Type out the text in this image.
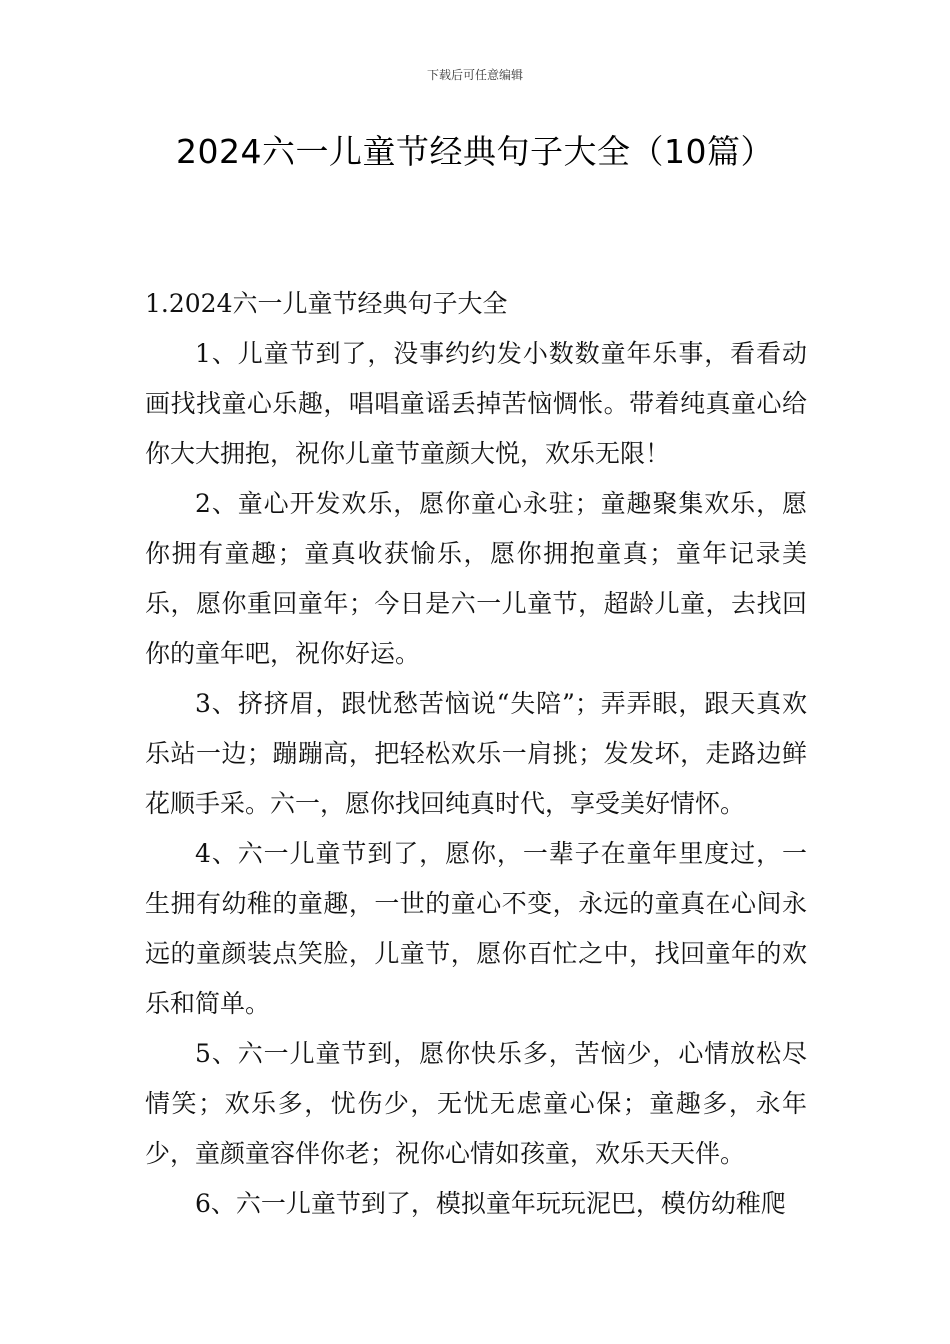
下载后可任意编辑
2024六一儿童节经典句子大全（10篇）

1.2024六一儿童节经典句子大全

1、儿童节到了，没事约约发小数数童年乐事，看看动画找找童心乐趣，唱唱童谣丢掉苦恼惆怅。带着纯真童心给你大大拥抱，祝你儿童节童颜大悦，欢乐无限！

2、童心开发欢乐，愿你童心永驻；童趣聚集欢乐，愿你拥有童趣；童真收获愉乐，愿你拥抱童真；童年记录美乐，愿你重回童年；今日是六一儿童节，超龄儿童，去找回你的童年吧，祝你好运。

3、挤挤眉，跟忧愁苦恼说“失陪”；弄弄眼，跟天真欢乐站一边；蹦蹦高，把轻松欢乐一肩挑；发发坏，走路边鲜花顺手采。六一，愿你找回纯真时代，享受美好情怀。

4、六一儿童节到了，愿你，一辈子在童年里度过，一生拥有幼稚的童趣，一世的童心不变，永远的童真在心间永远的童颜装点笑脸，儿童节，愿你百忙之中，找回童年的欢乐和简单。

5、六一儿童节到，愿你快乐多，苦恼少，心情放松尽情笑；欢乐多，忧伤少，无忧无虑童心保；童趣多，永年少，童颜童容伴你老；祝你心情如孩童，欢乐天天伴。

6、六一儿童节到了，模拟童年玩玩泥巴，模仿幼稚爬
